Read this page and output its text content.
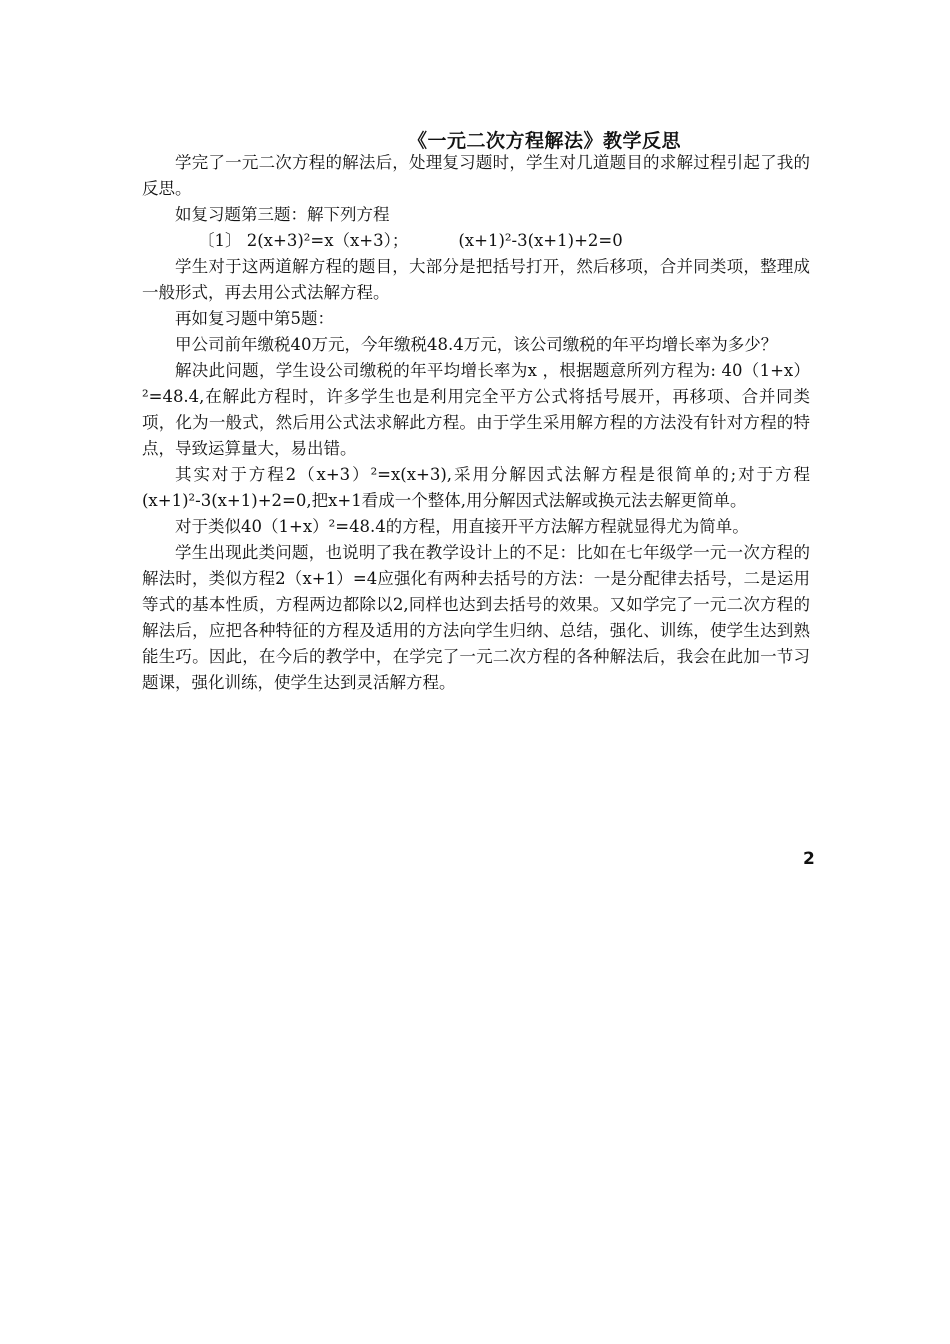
《一元二次方程解法》教学反思

学完了一元二次方程的解法后，处理复习题时，学生对几道题目的求解过程引起了我的反思。

如复习题第三题：解下列方程

〔1〕 2(x+3)²=x（x+3）；	(x+1)²-3(x+1)+2=0

学生对于这两道解方程的题目，大部分是把括号打开，然后移项，合并同类项，整理成一般形式，再去用公式法解方程。

再如复习题中第5题：

甲公司前年缴税40万元，今年缴税48.4万元，该公司缴税的年平均增长率为多少？

解决此问题，学生设公司缴税的年平均增长率为x ，根据题意所列方程为: 40（1+x）²=48.4,在解此方程时，许多学生也是利用完全平方公式将括号展开，再移项、合并同类项，化为一般式，然后用公式法求解此方程。由于学生采用解方程的方法没有针对方程的特点，导致运算量大，易出错。

其实对于方程2（x+3）²=x(x+3),采用分解因式法解方程是很简单的;对于方程(x+1)²-3(x+1)+2=0,把x+1看成一个整体,用分解因式法解或换元法去解更简单。

对于类似40（1+x）²=48.4的方程，用直接开平方法解方程就显得尤为简单。

学生出现此类问题，也说明了我在教学设计上的不足：比如在七年级学一元一次方程的解法时，类似方程2（x+1）=4应强化有两种去括号的方法：一是分配律去括号，二是运用等式的基本性质，方程两边都除以2,同样也达到去括号的效果。又如学完了一元二次方程的解法后，应把各种特征的方程及适用的方法向学生归纳、总结，强化、训练，使学生达到熟能生巧。因此，在今后的教学中，在学完了一元二次方程的各种解法后，我会在此加一节习题课，强化训练，使学生达到灵活解方程。

2
